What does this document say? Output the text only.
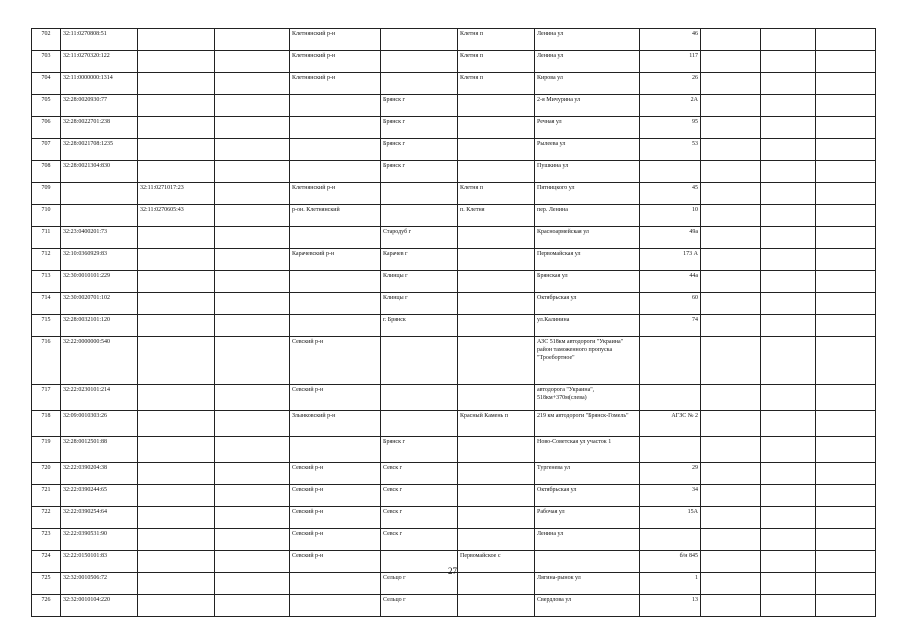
702	32:11:0270808:51			Клетнянский р-н		Клетня п	Ленина ул	46			
703	32:11:0270320:122			Клетнянский р-н		Клетня п	Ленина ул	117			
704	32:11:0000000:1314			Клетнянский р-н		Клетня п	Кирова ул	26			
705	32:28:0020930:77				Брянск г		2-я Мичурина ул	2А			
706	32:28:0022701:238				Брянск г		Речная ул	95			
707	32:28:0021708:1235				Брянск г		Рылеева ул	53			
708	32:28:0021304:830				Брянск г		Пушкина ул				
709		32:11:0271017:23		Клетнянский р-н		Клетня п	Пятницкого ул	45			
710		32:11:0270605:43		р-он. Клетнянский		п. Клетня	пер. Ленина	10			
711	32:23:0400201:73				Стародуб г		Красноармейская ул	49а			
712	32:10:0360929:83			Карачевский р-н	Карачев г		Первомайская ул	173 А			
713	32:30:0010101:229				Клинцы г		Брянская ул	44а			
714	32:30:0020701:102				Клинцы г		Октябрьская ул	60			
715	32:28:0032101:120				г. Брянск		ул.Калинина	74			
716	32:22:0000000:540			Севский р-н			АЗС 518км автодороги "Украина" район таможенного пропуска "Троебортное"				
717	32:22:0230101:214			Севский р-н			автодорога "Украина", 518км+370м(слева)				
718	32:09:0010303:26			Злынковский р-н		Красный Камень п	219 км автодороги "Брянск-Гомель"	АГЗС № 2			
719	32:28:0012501:88				Брянск г		Ново-Советская ул участок 1				
720	32:22:0390204:38			Севский р-н	Севск г		Тургенева ул	29			
721	32:22:0390244:65			Севский р-н	Севск г		Октябрьская ул	34			
722	32:22:0390254:64			Севский р-н	Севск г		Рабочая ул	15А			
723	32:22:0390531:90			Севский р-н	Севск г		Ленина ул				
724	32:22:0150101:83			Севский р-н		Первомайское с		б/н 845			
725	32:32:0010506:72				Сельцо г		Лягина-рынок ул	1			
726	32:32:0010104:220				Сельцо г		Свердлова ул	13			
27
